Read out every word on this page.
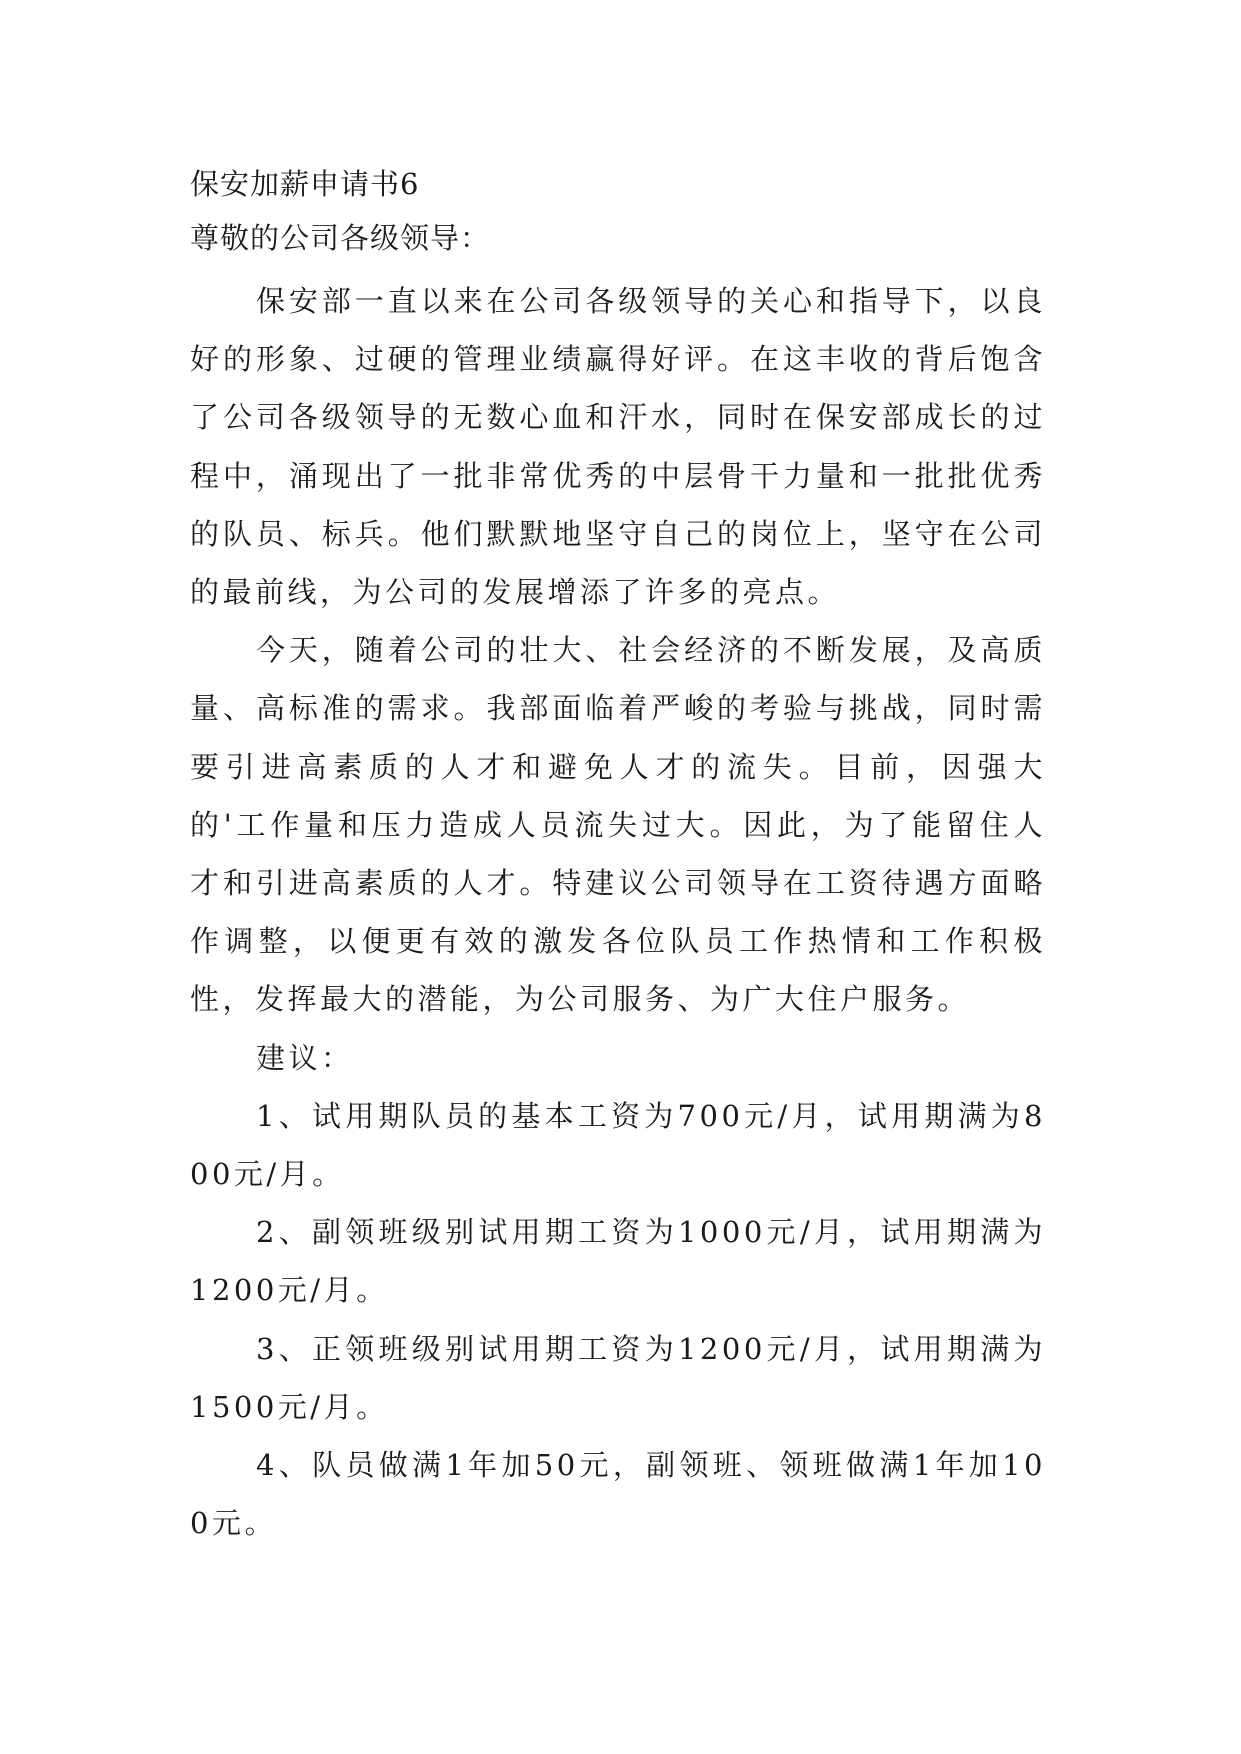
保安加薪申请书6
尊敬的公司各级领导：

保安部一直以来在公司各级领导的关心和指导下，以良好的形象、过硬的管理业绩赢得好评。在这丰收的背后饱含了公司各级领导的无数心血和汗水，同时在保安部成长的过程中，涌现出了一批非常优秀的中层骨干力量和一批批优秀的队员、标兵。他们默默地坚守自己的岗位上，坚守在公司的最前线，为公司的发展增添了许多的亮点。

今天，随着公司的壮大、社会经济的不断发展，及高质量、高标准的需求。我部面临着严峻的考验与挑战，同时需要引进高素质的人才和避免人才的流失。目前，因强大的'工作量和压力造成人员流失过大。因此，为了能留住人才和引进高素质的人才。特建议公司领导在工资待遇方面略作调整，以便更有效的激发各位队员工作热情和工作积极性，发挥最大的潜能，为公司服务、为广大住户服务。

建议：

1、试用期队员的基本工资为700元/月，试用期满为800元/月。

2、副领班级别试用期工资为1000元/月，试用期满为1200元/月。

3、正领班级别试用期工资为1200元/月，试用期满为1500元/月。

4、队员做满1年加50元，副领班、领班做满1年加100元。
